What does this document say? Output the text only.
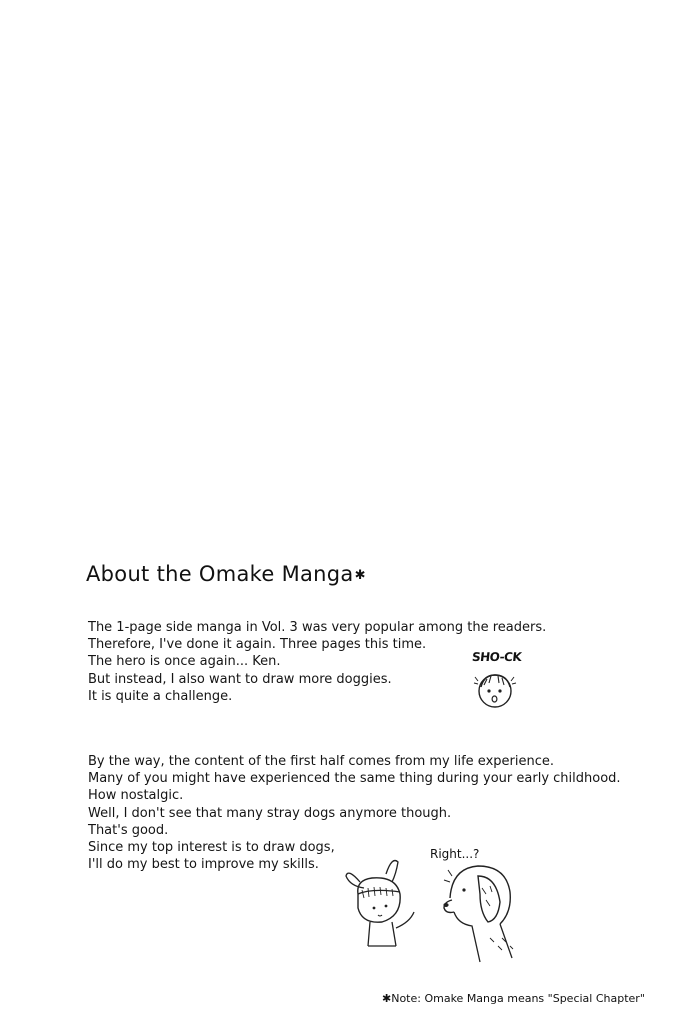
About the Omake Manga✱
The 1-page side manga in Vol. 3 was very popular among the readers.
Therefore, I've done it again. Three pages this time.
The hero is once again... Ken.
But instead, I also want to draw more doggies.
It is quite a challenge.
SHO-CK
By the way, the content of the first half comes from my life experience.
Many of you might have experienced the same thing during your early childhood.
How nostalgic.
Well, I don't see that many stray dogs anymore though.
That's good.
Since my top interest is to draw dogs,
I'll do my best to improve my skills.
Right...?
✱Note: Omake Manga means "Special Chapter"
